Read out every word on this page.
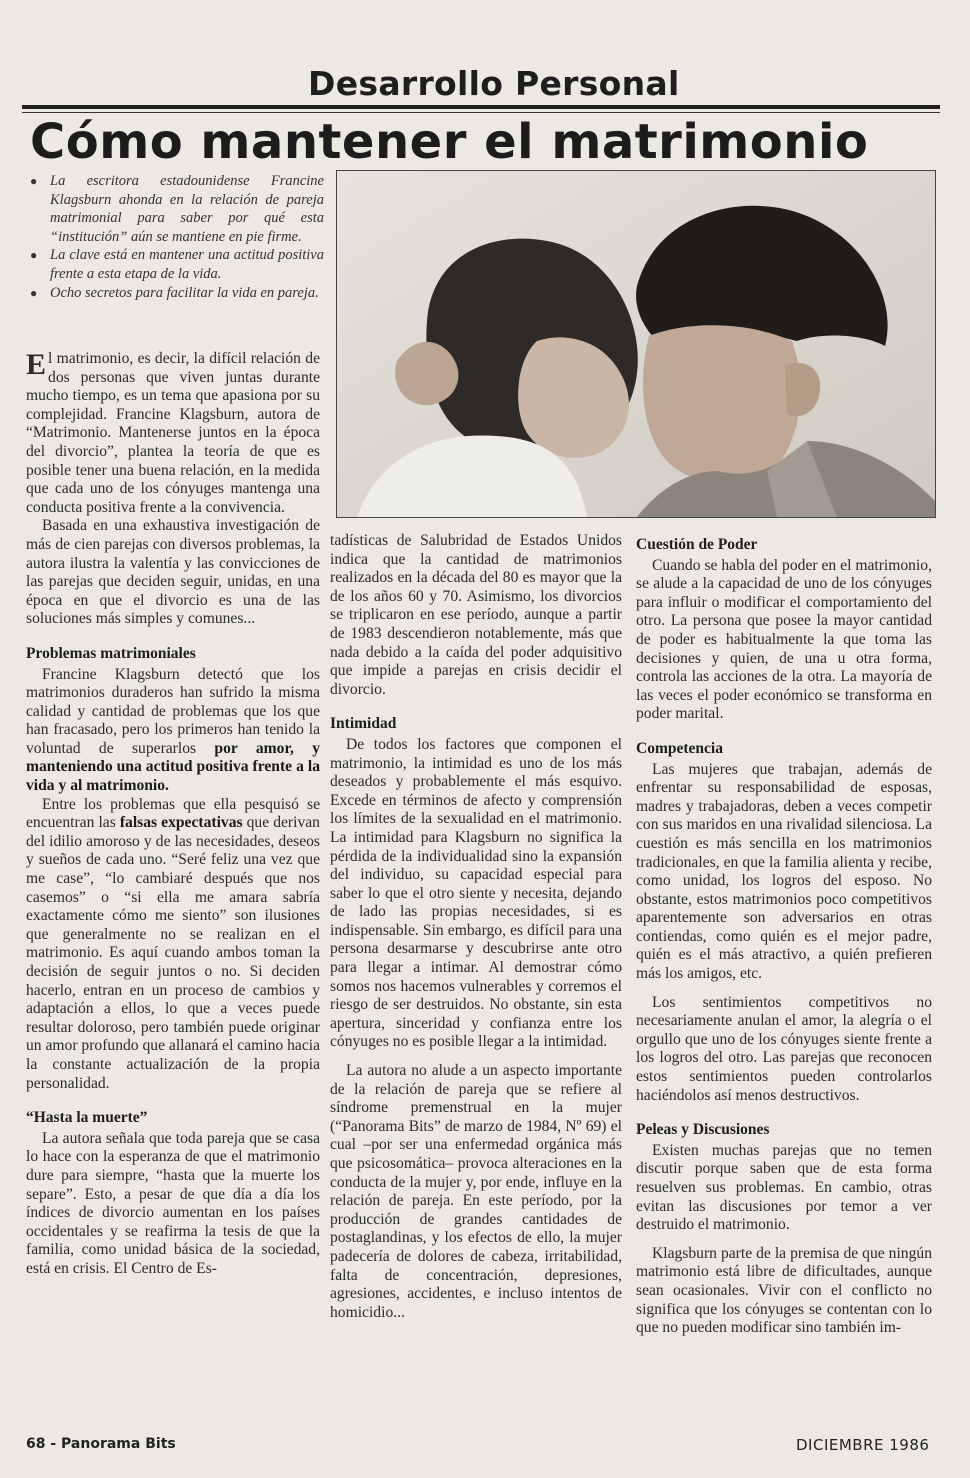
Desarrollo Personal
Cómo mantener el matrimonio
● La escritora estadounidense Francine Klagsburn ahonda en la relación de pareja matrimonial para saber por qué esta “institución” aún se mantiene en pie firme.
● La clave está en mantener una actitud positiva frente a esta etapa de la vida.
● Ocho secretos para facilitar la vida en pareja.

El matrimonio, es decir, la difícil relación de dos personas que viven juntas durante mucho tiempo, es un tema que apasiona por su complejidad. Francine Klagsburn, autora de “Matrimonio. Mantenerse juntos en la época del divorcio”, plantea la teoría de que es posible tener una buena relación, en la medida que cada uno de los cónyuges mantenga una conducta positiva frente a la convivencia.

Basada en una exhaustiva investigación de más de cien parejas con diversos problemas, la autora ilustra la valentía y las convicciones de las parejas que deciden seguir, unidas, en una época en que el divorcio es una de las soluciones más simples y comunes...

Problemas matrimoniales

Francine Klagsburn detectó que los matrimonios duraderos han sufrido la misma calidad y cantidad de problemas que los que han fracasado, pero los primeros han tenido la voluntad de superarlos por amor, y manteniendo una actitud positiva frente a la vida y al matrimonio.

Entre los problemas que ella pesquisó se encuentran las falsas expectativas que derivan del idilio amoroso y de las necesidades, deseos y sueños de cada uno. “Seré feliz una vez que me case”, “lo cambiaré después que nos casemos” o “si ella me amara sabría exactamente cómo me siento” son ilusiones que generalmente no se realizan en el matrimonio. Es aquí cuando ambos toman la decisión de seguir juntos o no. Si deciden hacerlo, entran en un proceso de cambios y adaptación a ellos, lo que a veces puede resultar doloroso, pero también puede originar un amor profundo que allanará el camino hacia la constante actualización de la propia personalidad.

“Hasta la muerte”

La autora señala que toda pareja que se casa lo hace con la esperanza de que el matrimonio dure para siempre, “hasta que la muerte los separe”. Esto, a pesar de que día a día los índices de divorcio aumentan en los países occidentales y se reafirma la tesis de que la familia, como unidad básica de la sociedad, está en crisis. El Centro de Es-

tadísticas de Salubridad de Estados Unidos indica que la cantidad de matrimonios realizados en la década del 80 es mayor que la de los años 60 y 70. Asimismo, los divorcios se triplicaron en ese período, aunque a partir de 1983 descendieron notablemente, más que nada debido a la caída del poder adquisitivo que impide a parejas en crisis decidir el divorcio.

Intimidad

De todos los factores que componen el matrimonio, la intimidad es uno de los más deseados y probablemente el más esquivo. Excede en términos de afecto y comprensión los límites de la sexualidad en el matrimonio. La intimidad para Klagsburn no significa la pérdida de la individualidad sino la expansión del individuo, su capacidad especial para saber lo que el otro siente y necesita, dejando de lado las propias necesidades, si es indispensable. Sin embargo, es difícil para una persona desarmarse y descubrirse ante otro para llegar a intimar. Al demostrar cómo somos nos hacemos vulnerables y corremos el riesgo de ser destruidos. No obstante, sin esta apertura, sinceridad y confianza entre los cónyuges no es posible llegar a la intimidad.

La autora no alude a un aspecto importante de la relación de pareja que se refiere al síndrome premenstrual en la mujer (“Panorama Bits” de marzo de 1984, Nº 69) el cual –por ser una enfermedad orgánica más que psicosomática– provoca alteraciones en la conducta de la mujer y, por ende, influye en la relación de pareja. En este período, por la producción de grandes cantidades de postaglandinas, y los efectos de ello, la mujer padecería de dolores de cabeza, irritabilidad, falta de concentración, depresiones, agresiones, accidentes, e incluso intentos de homicidio...

Cuestión de Poder

Cuando se habla del poder en el matrimonio, se alude a la capacidad de uno de los cónyuges para influir o modificar el comportamiento del otro. La persona que posee la mayor cantidad de poder es habitualmente la que toma las decisiones y quien, de una u otra forma, controla las acciones de la otra. La mayoría de las veces el poder económico se transforma en poder marital.

Competencia

Las mujeres que trabajan, además de enfrentar su responsabilidad de esposas, madres y trabajadoras, deben a veces competir con sus maridos en una rivalidad silenciosa. La cuestión es más sencilla en los matrimonios tradicionales, en que la familia alienta y recibe, como unidad, los logros del esposo. No obstante, estos matrimonios poco competitivos aparentemente son adversarios en otras contiendas, como quién es el mejor padre, quién es el más atractivo, a quién prefieren más los amigos, etc.

Los sentimientos competitivos no necesariamente anulan el amor, la alegría o el orgullo que uno de los cónyuges siente frente a los logros del otro. Las parejas que reconocen estos sentimientos pueden controlarlos haciéndolos así menos destructivos.

Peleas y Discusiones

Existen muchas parejas que no temen discutir porque saben que de esta forma resuelven sus problemas. En cambio, otras evitan las discusiones por temor a ver destruido el matrimonio.

Klagsburn parte de la premisa de que ningún matrimonio está libre de dificultades, aunque sean ocasionales. Vivir con el conflicto no significa que los cónyuges se contentan con lo que no pueden modificar sino también im-

68 - Panorama Bits	DICIEMBRE 1986
